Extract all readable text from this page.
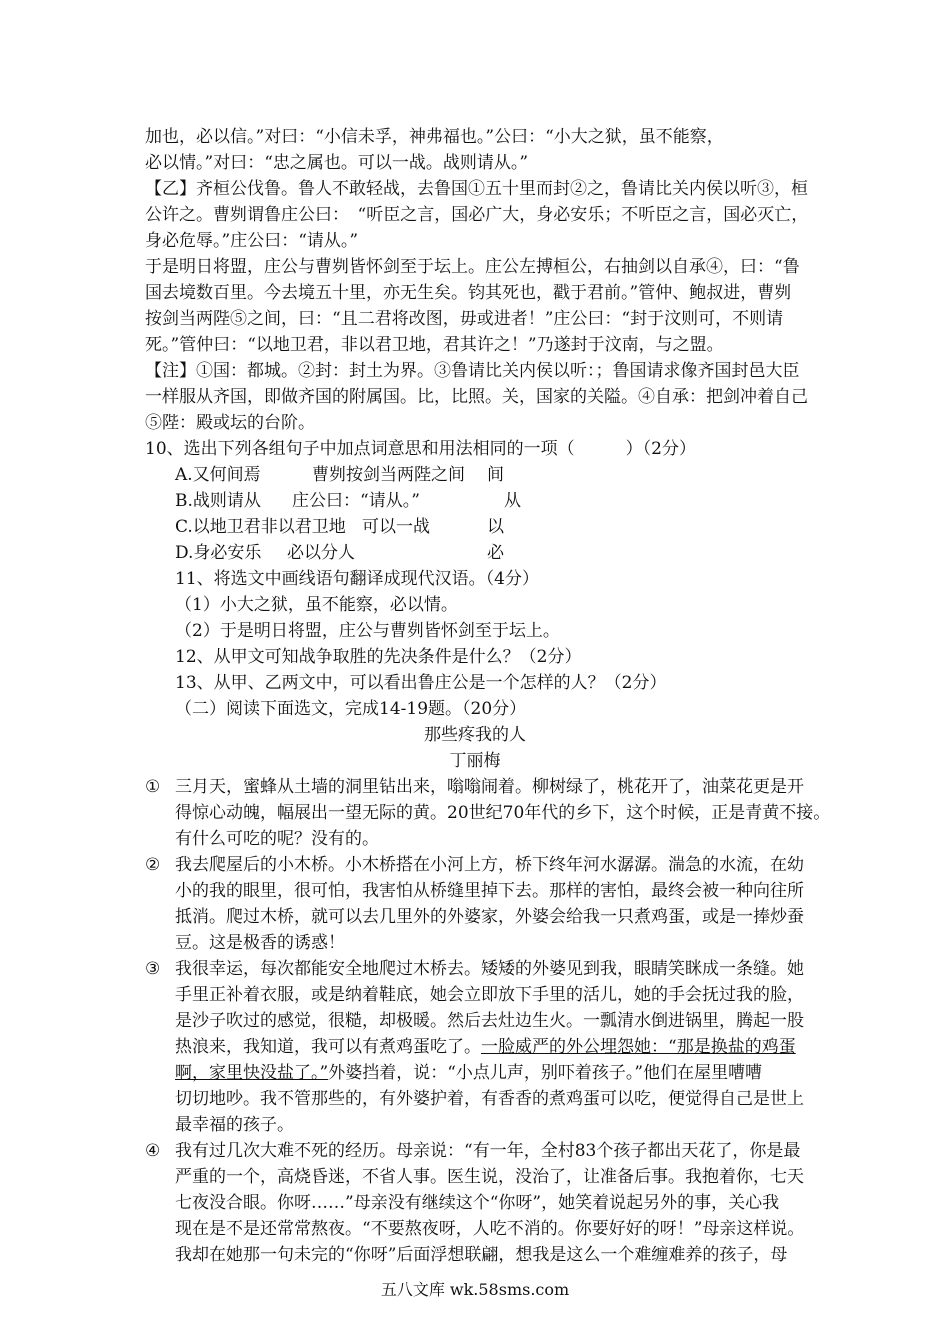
加也，必以信。”对曰：“小信未孚，神弗福也。”公曰：“小大之狱，虽不能察，
必以情。”对曰：“忠之属也。可以一战。战则请从。”
【乙】齐桓公伐鲁。鲁人不敢轻战，去鲁国①五十里而封②之，鲁请比关内侯以听③，桓
公许之。曹刿谓鲁庄公曰：　“听臣之言，国必广大，身必安乐；不听臣之言，国必灭亡，
身必危辱。”庄公曰：“请从。”
于是明日将盟，庄公与曹刿皆怀剑至于坛上。庄公左搏桓公，右抽剑以自承④，曰：“鲁
国去境数百里。今去境五十里，亦无生矣。钧其死也，戳于君前。”管仲、鲍叔进，曹刿
按剑当两陛⑤之间，曰：“且二君将改图，毋或进者！”庄公曰：“封于汶则可，不则请
死。”管仲曰：“以地卫君，非以君卫地，君其许之！”乃遂封于汶南，与之盟。
【注】①国：都城。②封：封土为界。③鲁请比关内侯以听：；鲁国请求像齐国封邑大臣
一样服从齐国，即做齐国的附属国。比，比照。关，国家的关隘。④自承：把剑冲着自己
⑤陛：殿或坛的台阶。
10、选出下列各组句子中加点词意思和用法相同的一项（　　　）（2分）
A.又何间焉	曹刿按剑当两陛之间 间
B.战则请从 庄公曰：“请从。”	从
C.以地卫君非以君卫地 可以一战	以
D.身必安乐 必以分人	必
11、将选文中画线语句翻译成现代汉语。（4分）
（1）小大之狱，虽不能察，必以情。
（2）于是明日将盟，庄公与曹刿皆怀剑至于坛上。
12、从甲文可知战争取胜的先决条件是什么？（2分）
13、从甲、乙两文中，可以看出鲁庄公是一个怎样的人？（2分）
（二）阅读下面选文，完成14-19题。（20分）
那些疼我的人
丁丽梅
① 三月天，蜜蜂从土墙的洞里钻出来，嗡嗡闹着。柳树绿了，桃花开了，油菜花更是开
得惊心动魄，幅展出一望无际的黄。20世纪70年代的乡下，这个时候，正是青黄不接。
有什么可吃的呢？没有的。
② 我去爬屋后的小木桥。小木桥搭在小河上方，桥下终年河水潺潺。湍急的水流，在幼
小的我的眼里，很可怕，我害怕从桥缝里掉下去。那样的害怕，最终会被一种向往所
抵消。爬过木桥，就可以去几里外的外婆家，外婆会给我一只煮鸡蛋，或是一捧炒蚕
豆。这是极香的诱惑！
③ 我很幸运，每次都能安全地爬过木桥去。矮矮的外婆见到我，眼睛笑眯成一条缝。她
手里正补着衣服，或是纳着鞋底，她会立即放下手里的活儿，她的手会抚过我的脸，
是沙子吹过的感觉，很糙，却极暖。然后去灶边生火。一瓢清水倒进锅里，腾起一股
热浪来，我知道，我可以有煮鸡蛋吃了。一脸威严的外公埋怨她：“那是换盐的鸡蛋
啊，家里快没盐了。”外婆挡着，说：“小点儿声，别吓着孩子。”他们在屋里嘈嘈
切切地吵。我不管那些的，有外婆护着，有香香的煮鸡蛋可以吃，便觉得自己是世上
最幸福的孩子。
④ 我有过几次大难不死的经历。母亲说：“有一年，全村83个孩子都出天花了，你是最
严重的一个，高烧昏迷，不省人事。医生说，没治了，让准备后事。我抱着你，七天
七夜没合眼。你呀……”母亲没有继续这个“你呀”，她笑着说起另外的事，关心我
现在是不是还常常熬夜。“不要熬夜呀，人吃不消的。你要好好的呀！”母亲这样说。
我却在她那一句未完的“你呀”后面浮想联翩，想我是这么一个难缠难养的孩子，母
五八文库 wk.58sms.com
